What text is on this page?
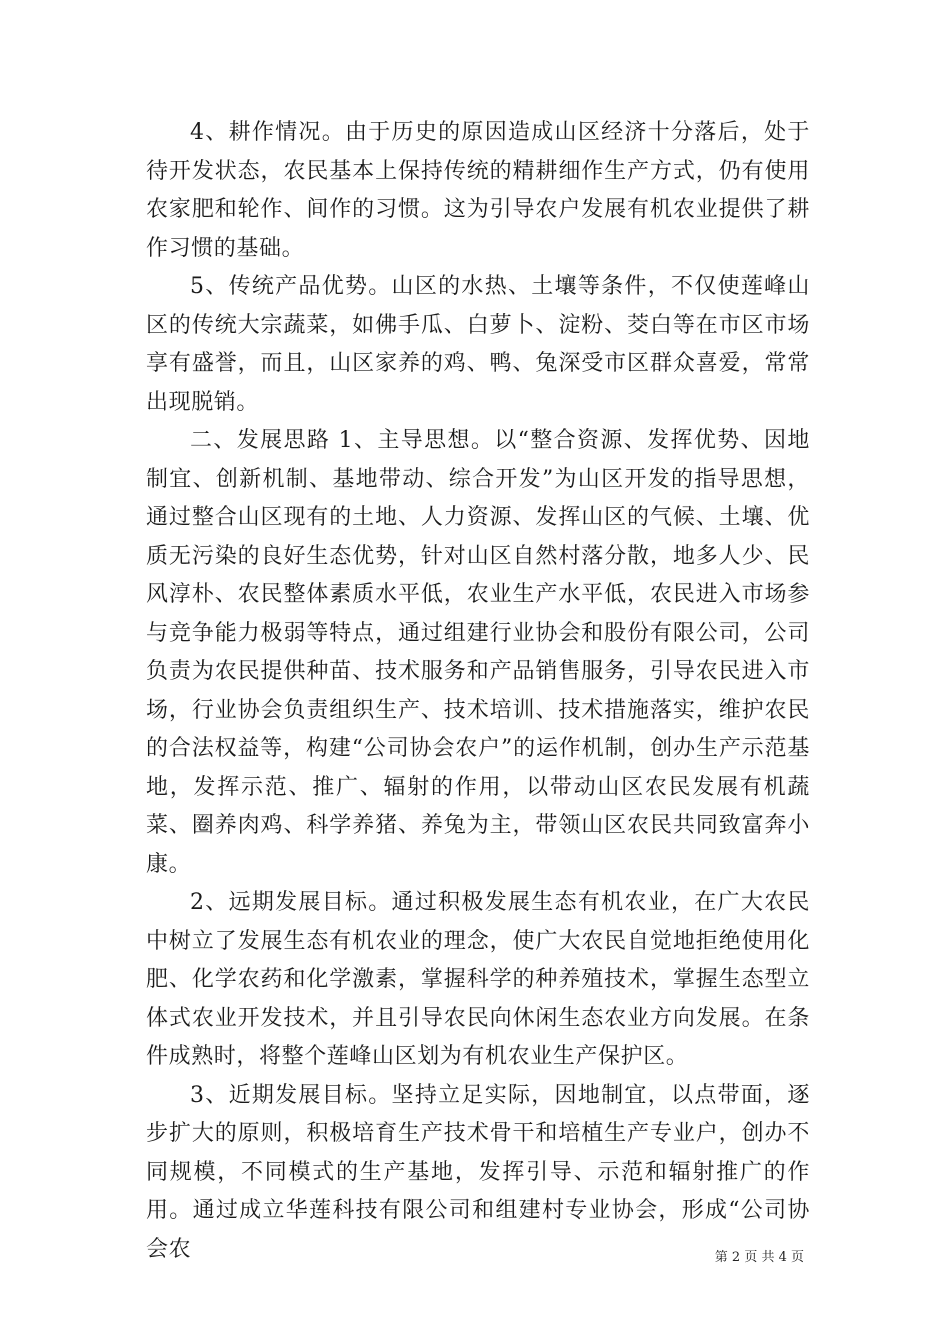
4、耕作情况。由于历史的原因造成山区经济十分落后，处于待开发状态，农民基本上保持传统的精耕细作生产方式，仍有使用农家肥和轮作、间作的习惯。这为引导农户发展有机农业提供了耕作习惯的基础。

5、传统产品优势。山区的水热、土壤等条件，不仅使莲峰山区的传统大宗蔬菜，如佛手瓜、白萝卜、淀粉、茭白等在市区市场享有盛誉，而且，山区家养的鸡、鸭、兔深受市区群众喜爱，常常出现脱销。

二、发展思路 1、主导思想。以“整合资源、发挥优势、因地制宜、创新机制、基地带动、综合开发”为山区开发的指导思想，通过整合山区现有的土地、人力资源、发挥山区的气候、土壤、优质无污染的良好生态优势，针对山区自然村落分散，地多人少、民风淳朴、农民整体素质水平低，农业生产水平低，农民进入市场参与竞争能力极弱等特点，通过组建行业协会和股份有限公司，公司负责为农民提供种苗、技术服务和产品销售服务，引导农民进入市场，行业协会负责组织生产、技术培训、技术措施落实，维护农民的合法权益等，构建“公司协会农户”的运作机制，创办生产示范基地，发挥示范、推广、辐射的作用，以带动山区农民发展有机蔬菜、圈养肉鸡、科学养猪、养兔为主，带领山区农民共同致富奔小康。

2、远期发展目标。通过积极发展生态有机农业，在广大农民中树立了发展生态有机农业的理念，使广大农民自觉地拒绝使用化肥、化学农药和化学激素，掌握科学的种养殖技术，掌握生态型立体式农业开发技术，并且引导农民向休闲生态农业方向发展。在条件成熟时，将整个莲峰山区划为有机农业生产保护区。

3、近期发展目标。坚持立足实际，因地制宜，以点带面，逐步扩大的原则，积极培育生产技术骨干和培植生产专业户，创办不同规模，不同模式的生产基地，发挥引导、示范和辐射推广的作用。通过成立华莲科技有限公司和组建村专业协会，形成“公司协会农	第 2 页 共 4 页
